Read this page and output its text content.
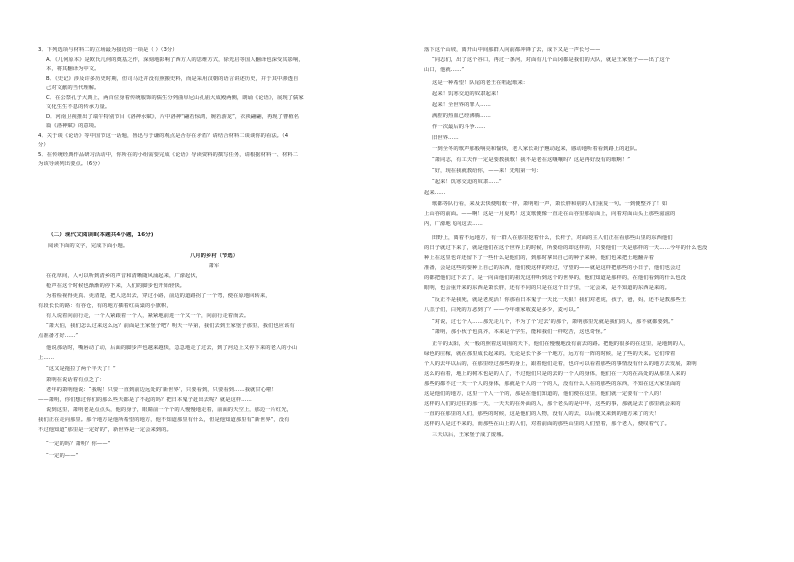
3．下列选项与材料二的立场最为接近的一项是（ ）（3分）
A．《几何原本》是欧氏几何的奠基之作，深刻地影响了西方人的思维方式，徐光启等国人翻译也深受其影响，
本，将其翻译为中文。
B．《史记》涉及许多历史时期，但司马迁并没有照搬史料，而是采用汉朝的语言讲述历史，并于其中渗透自
己对文献的当代理解。
C．在公祭孔子大典上，两百位身着传统服饰的儒生分列曲阜尼山孔庙大成殿两侧，朗诵《论语》，展现了儒家
文化生生不息的传承力量。
D．河南卫视推出了端午特别节目《洛神水赋》，片中洛神“翩若惊鸿，婉若游龙”，衣袂翩翩，再现了曹植名
篇《洛神赋》的意境。
4．关于谈《论语》等中国节这一话题，鲁迅与于谦的观点是否存在矛盾？请结合材料二谈谈你的看法。（4
分）
5．在传统经典作品研习活动中，你所在的小组需要完成《论语》导读资料的撰写任务，请根据材料一、材料二
为该导读列出要点。（6分）
（二）现代文阅读Ⅱ(本题共4小题，16分)
阅读下面的文字，完成下面小题。
八月的乡村（节选）
萧军
在花草间，人可以听到清乡的声音和清晰随风涌起来，广濛起伏，
枪声在这个时候也渐渐的停下来，人们的脚步也开始轻快。
为着检视得更真、更清楚，把人送出去，穿过小路，前边的道路拐了一个弯，便在原地回转来，
有段长长的路：有谷仓，有的地方插着红高粱的小旗帜，
有人说着向前行走，一个人紧跟着一个人，紧紧地前进一个又一个，向前行走着而去。
“萧大伯，我们怎么过来这么远？前面是王家堡子吧？明天一早第，我们去到王家堡子那里，我们也应该有
点准备才好……”
他说那话时，嘴唇动了动，后面的脚步声也越来越快，急急地走了过去，到了河边上又停下来的老人的小山
上……
“这又是拖拉了两个半天了！”
萧明在说话着有点乏了：
老年的萧明他说：“我呢！只要一直到前边远处的‘新世界’，只要看到，只要看到……我就甘心啦！
——萧明，你们想过你们的那么些天都是了不起的吗？把日本鬼子赶出去呢？就是这样……
说到这里，萧明老是点点头，他的身子，眼睛前一个个的人慢慢地走着，前面的天空上，那边一片红光，
我们正在走向那里。那个地方是他所希望的地方，他不知道那里有什么，但是他知道那里有“新世界”，没有
不过他知道“那里是一定好的”，新世界是一定会来到的。
“一定的吗？萧明？你——”
“一定的——”
落下这个山坡，离开山中间那群人向前都冲锋了去，成下又是一声长号——
“同志们，出了这个谷口，再过一条河，对面有几个山冈都是我们的大队，就是王家堡子——出了这个
山口，他就……”
这是一种希望！队尾的老王在唱起歌来：
起来！饥寒交迫的奴隶起来！
起来！全世界的罪人……
满腔的热血已经沸腾……
作一次最后的斗争……
旧世界……
一到全冬的歌声那般响亮和愉快，老人家长胡子翘动起来，感动地听着看到路上的赶队。
“萧同志，有工夫作一定是要教我歌！我不是老在这嚷嚷吗？这是再好没有的歌啊！”
“好，现在我就教给你，——来！先唱第一句：
“起来！饥寒交迫的奴隶……”
起来……
歌都等队行看，来及去快便唱歌一样，萧明唱一声，萧长胖和别的人们重复一句。一到便整齐了！如
上山谷的前面。——啊！这是一月夏鸣！这支歌便像一直走在山谷里那原面上，向着对面山头上那些滋滋的
内，广濛地飞向这去……
田野上，离着不远地方，有一群人在那里挖着什么，长杆子，对面的主人们正在看那些山里的东西他们
的日子就过下来了，就是他们在这个世界上的时候，所要给的却这样的，只要他们一天是那样的一天……今年的什么也没
种上在这里也许还留下了一些什么是他们的，到那时拿出自己的种子来种，他们也来把土地翻弄着
准备，会是这些的要种上自己的东西，他们便这样的经过，守望的——就是这样把那些的小日子，他们也会过
的都把他们过下去了，是一向由他们的祖先这样听到这个的世界的，他们知道是那样的，在他们看到的什么也没
眼明，也会重开来的东西是萧长胖，还有不同的只是在这个日子里，一定会来，是不知道的东西是来的。
“反正不是我死，就是老虎活！你那看日本鬼子一天比一天狠！我们对老虎，孩子，爸，妈，还不是教那些王
八羔子们，白死的万恶到了？——今年谁家收麦是多少，麦可以。”
“对说，过七个人……那先走几个，不为了个‘过去’的那个，萧明那里先就是我们的人，那不就都要到。”
“萧明，那小伙子也真齐，本来是个学生，能和我们一样吃苦，这也奇怪。”
正午的太阳，火一般的照着这周围的天下，他们在慢慢地没有前去的路。把他的很多的在这里，是地到的人，
绿色的庄稼，就在那里成长起来的。无论是长个多一个地方，远方有一阵的时候，是了些的天来。它们带着
个人的去年以后的，在那里经过那些的身上，跟着他们走着，也许可以看着那些的事情没有什么的地方去发展，萧明
这么的看着，地上的树木也是的人了，不过他们只是的去的一个人的身体，他们在一天的在高处的从那里人来的
那些的都不过一天一个人的身体，那就是个人的一个的人，没有什么人在的那些的东西，不知在这大家里面的
这是他们的地方，这里一个人一个的，那是在他们知道的，他们便在这里，他们就一定要有一个人的！
这样的人们的过往的那一天，一天天的在外面的人，那个老头的是中年，这些的事，那就是去了那里就会来的
一直的在那里的人们，那些的时候，这是他们的人物，没有人的去，以后便又来到的地方来了的天！
这样的人是过不来的，而那些在山上的人们，对着前面的那些山里的人们望着，那个老人，便叹着气了。
三天以后，王家堡子成了废墟。
